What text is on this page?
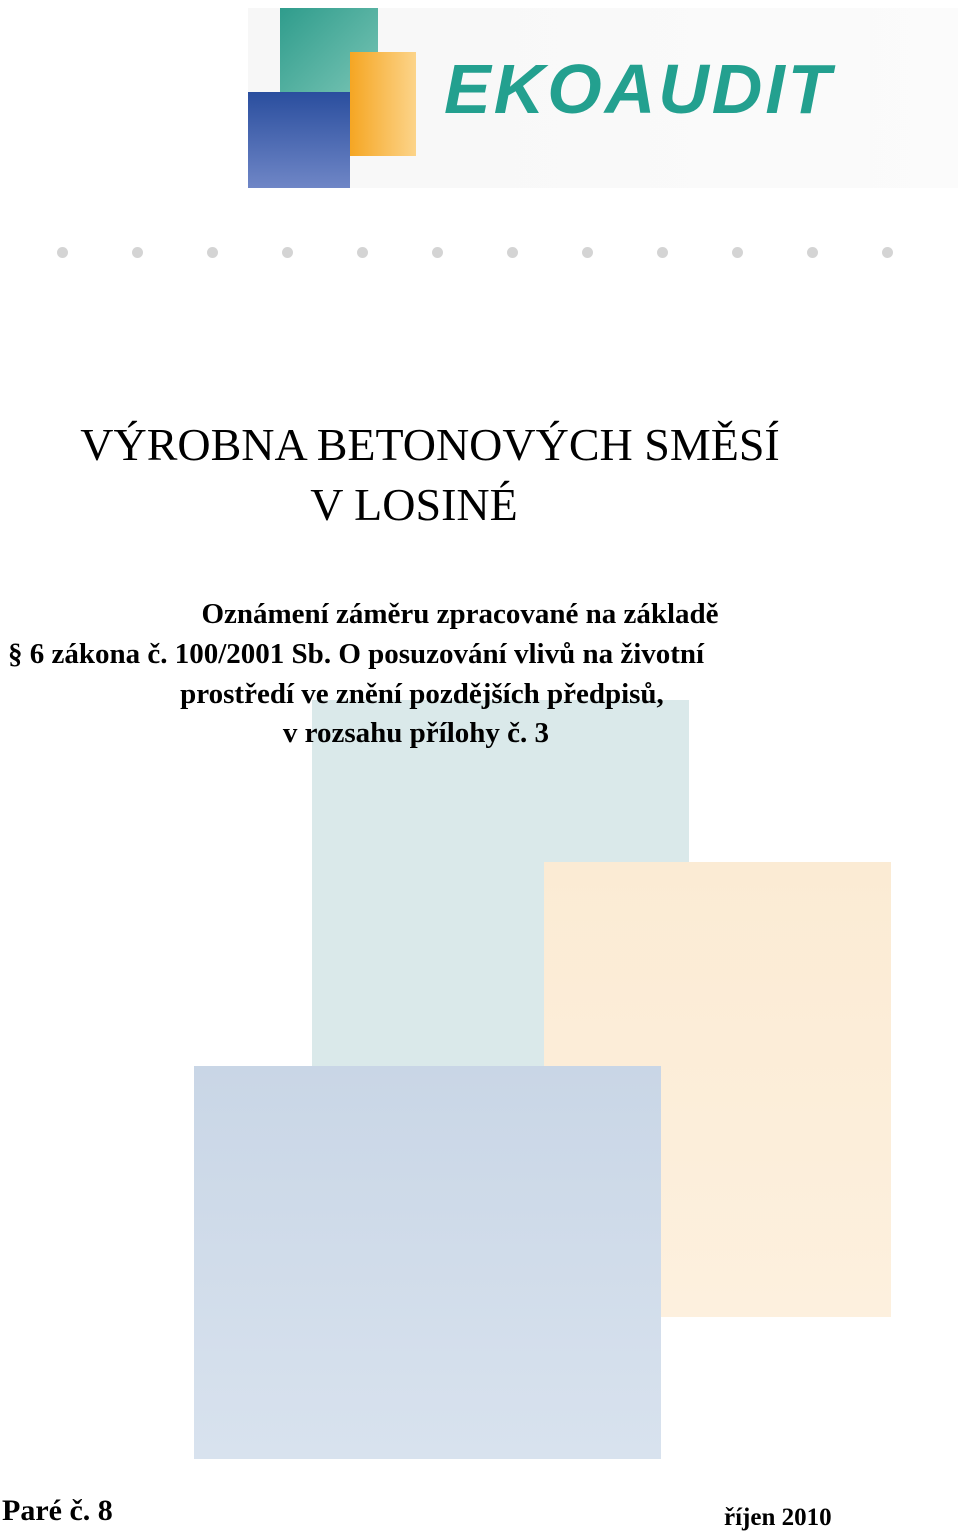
EKOAUDIT
VÝROBNA BETONOVÝCH SMĚSÍ
V LOSINÉ
Oznámení záměru zpracované na základě
§ 6 zákona č. 100/2001 Sb. O posuzování vlivů na životní
prostředí ve znění pozdějších předpisů,
v rozsahu přílohy č. 3
Paré č. 8	říjen 2010
